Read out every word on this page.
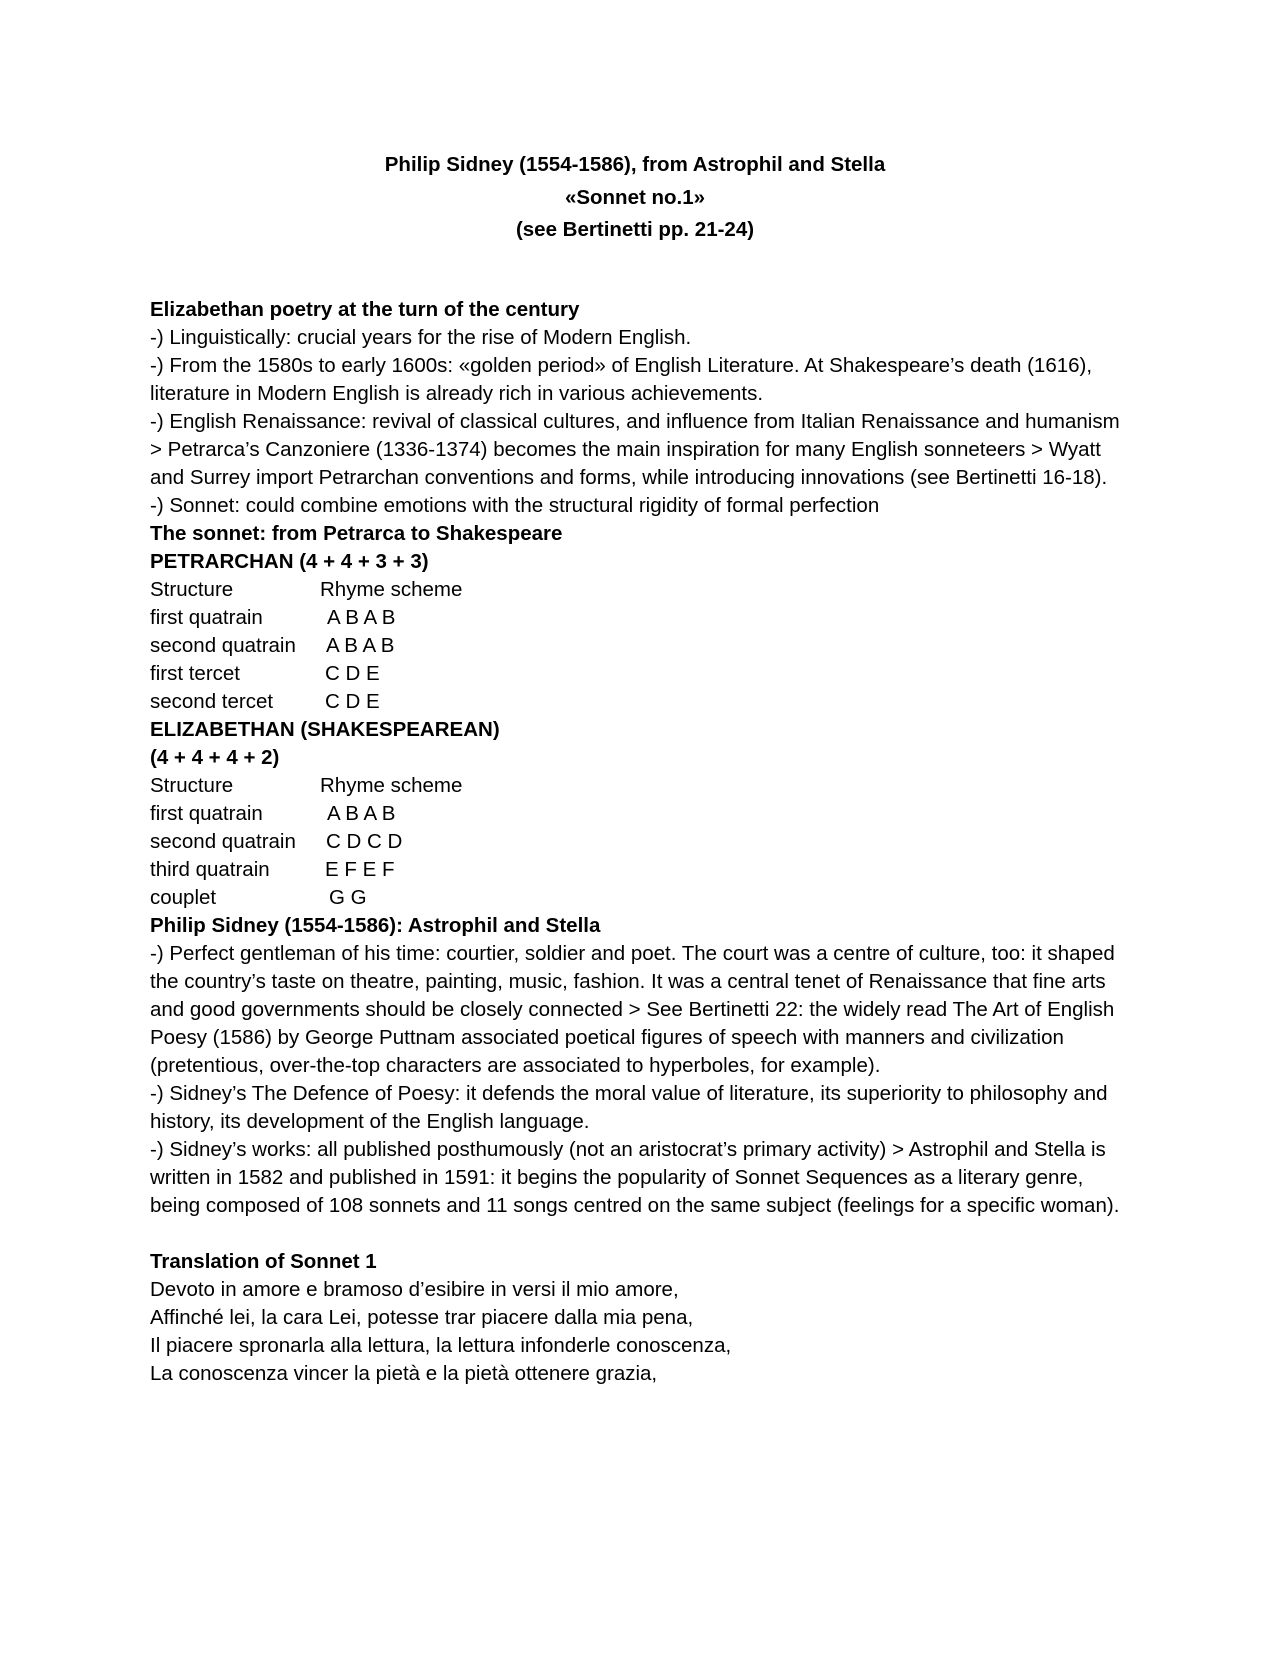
Philip Sidney (1554-1586), from Astrophil and Stella
«Sonnet no.1»
(see Bertinetti pp. 21-24)
Elizabethan poetry at the turn of the century

-) Linguistically: crucial years for the rise of Modern English.

-) From the 1580s to early 1600s: «golden period» of English Literature. At Shakespeare’s death (1616), literature in Modern English is already rich in various achievements.

-) English Renaissance: revival of classical cultures, and influence from Italian Renaissance and humanism > Petrarca’s Canzoniere (1336-1374) becomes the main inspiration for many English sonneteers > Wyatt and Surrey import Petrarchan conventions and forms, while introducing innovations (see Bertinetti 16-18).

-) Sonnet: could combine emotions with the structural rigidity of formal perfection

The sonnet: from Petrarca to Shakespeare
PETRARCHAN (4 + 4 + 3 + 3)
Structure	Rhyme scheme
first quatrain	A B A B
second quatrain	A B A B
first tercet	C D E
second tercet	C D E
ELIZABETHAN (SHAKESPEAREAN)
(4 + 4 + 4 + 2)
Structure	Rhyme scheme
first quatrain	A B A B
second quatrain	C D C D
third quatrain	E F E F
couplet	G G
Philip Sidney (1554-1586): Astrophil and Stella

-) Perfect gentleman of his time: courtier, soldier and poet. The court was a centre of culture, too: it shaped the country’s taste on theatre, painting, music, fashion. It was a central tenet of Renaissance that fine arts and good governments should be closely connected > See Bertinetti 22: the widely read The Art of English Poesy (1586) by George Puttnam associated poetical figures of speech with manners and civilization (pretentious, over-the-top characters are associated to hyperboles, for example).

-) Sidney’s The Defence of Poesy: it defends the moral value of literature, its superiority to philosophy and history, its development of the English language.

-) Sidney’s works: all published posthumously (not an aristocrat’s primary activity) > Astrophil and Stella is written in 1582 and published in 1591: it begins the popularity of Sonnet Sequences as a literary genre, being composed of 108 sonnets and 11 songs centred on the same subject (feelings for a specific woman).

Translation of Sonnet 1
Devoto in amore e bramoso d’esibire in versi il mio amore,
Affinché lei, la cara Lei, potesse trar piacere dalla mia pena,
Il piacere spronarla alla lettura, la lettura infonderle conoscenza,
La conoscenza vincer la pietà e la pietà ottenere grazia,
